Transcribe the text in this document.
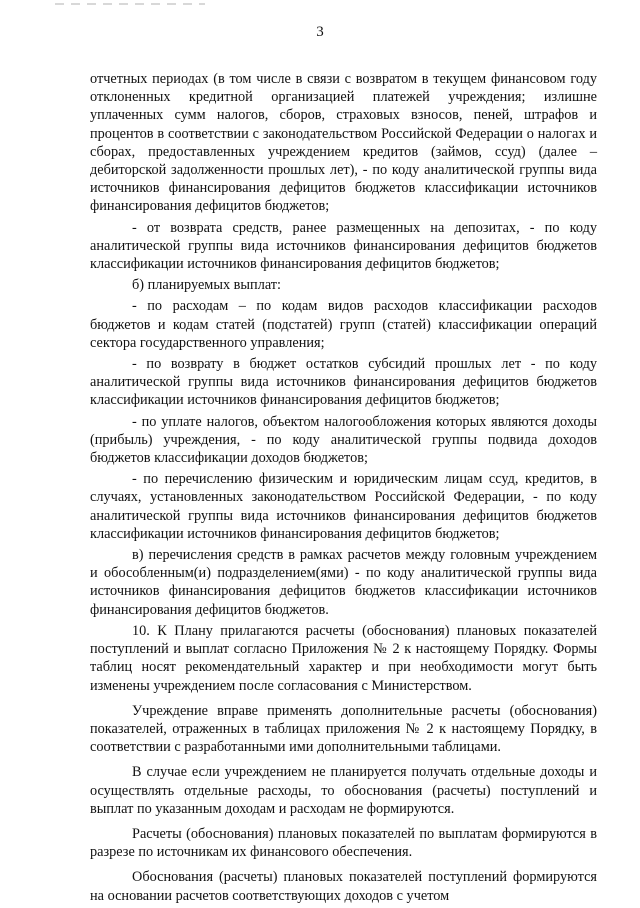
3

отчетных периодах (в том числе в связи с возвратом в текущем финансовом году отклоненных кредитной организацией платежей учреждения; излишне уплаченных сумм налогов, сборов, страховых взносов, пеней, штрафов и процентов в соответствии с законодательством Российской Федерации о налогах и сборах, предоставленных учреждением кредитов (займов, ссуд) (далее – дебиторской задолженности прошлых лет), - по коду аналитической группы вида источников финансирования дефицитов бюджетов классификации источников финансирования дефицитов бюджетов;

- от возврата средств, ранее размещенных на депозитах, - по коду аналитической группы вида источников финансирования дефицитов бюджетов классификации источников финансирования дефицитов бюджетов;

б) планируемых выплат:

- по расходам – по кодам видов расходов классификации расходов бюджетов и кодам статей (подстатей) групп (статей) классификации операций сектора государственного управления;

- по возврату в бюджет остатков субсидий прошлых лет - по коду аналитической группы вида источников финансирования дефицитов бюджетов классификации источников финансирования дефицитов бюджетов;

- по уплате налогов, объектом налогообложения которых являются доходы (прибыль) учреждения, - по коду аналитической группы подвида доходов бюджетов классификации доходов бюджетов;

- по перечислению физическим и юридическим лицам ссуд, кредитов, в случаях, установленных законодательством Российской Федерации, - по коду аналитической группы вида источников финансирования дефицитов бюджетов классификации источников финансирования дефицитов бюджетов;

в) перечисления средств в рамках расчетов между головным учреждением и обособленным(и) подразделением(ями) - по коду аналитической группы вида источников финансирования дефицитов бюджетов классификации источников финансирования дефицитов бюджетов.

10. К Плану прилагаются расчеты (обоснования) плановых показателей поступлений и выплат согласно Приложения № 2 к настоящему Порядку. Формы таблиц носят рекомендательный характер и при необходимости могут быть изменены учреждением после согласования с Министерством.

Учреждение вправе применять дополнительные расчеты (обоснования) показателей, отраженных в таблицах приложения № 2 к настоящему Порядку, в соответствии с разработанными ими дополнительными таблицами.

В случае если учреждением не планируется получать отдельные доходы и осуществлять отдельные расходы, то обоснования (расчеты) поступлений и выплат по указанным доходам и расходам не формируются.

Расчеты (обоснования) плановых показателей по выплатам формируются в разрезе по источникам их финансового обеспечения.

Обоснования (расчеты) плановых показателей поступлений формируются на основании расчетов соответствующих доходов с учетом
